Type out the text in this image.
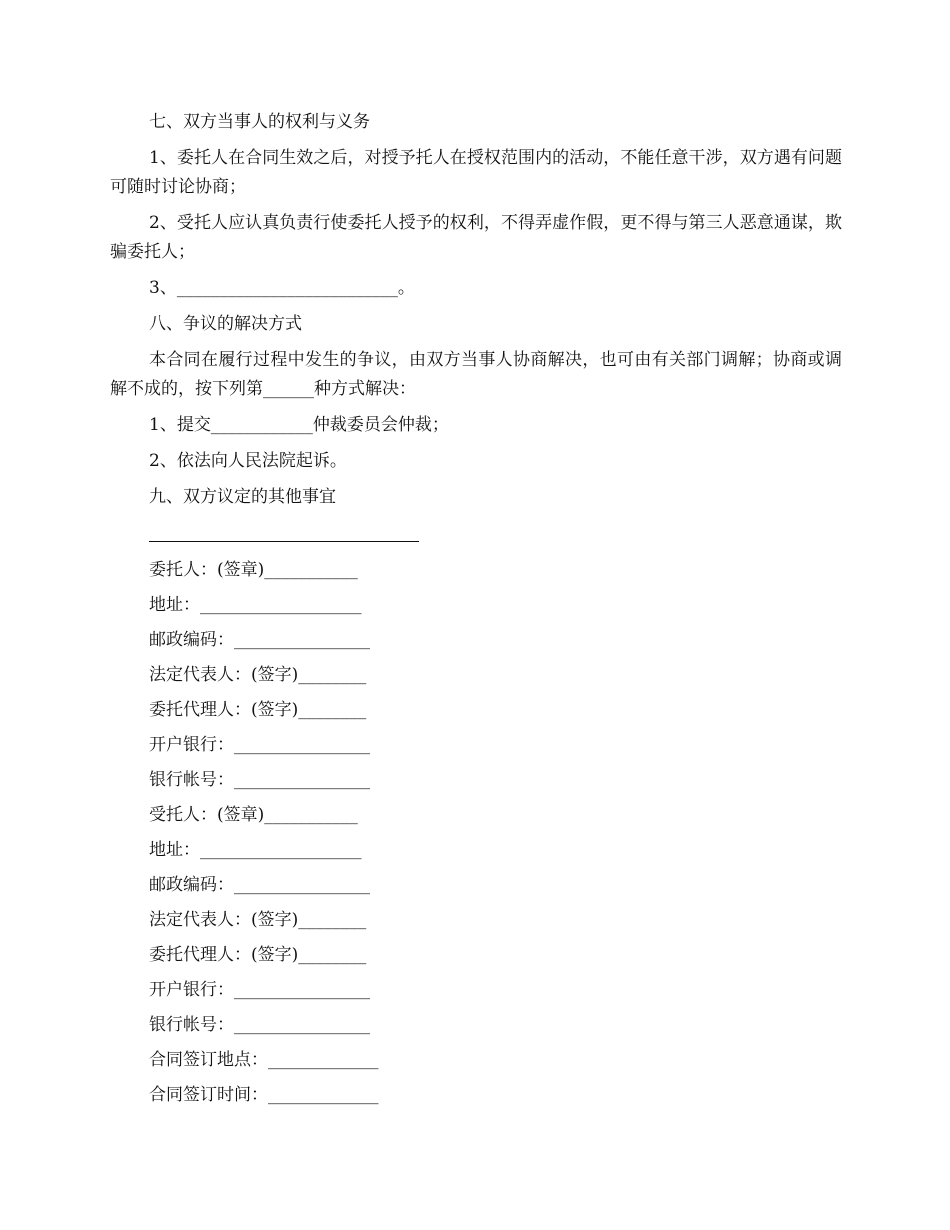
七、双方当事人的权利与义务

1、委托人在合同生效之后，对授予托人在授权范围内的活动，不能任意干涉，双方遇有问题可随时讨论协商；

2、受托人应认真负责行使委托人授予的权利，不得弄虚作假，更不得与第三人恶意通谋，欺骗委托人；

3、__________________________。

八、争议的解决方式

本合同在履行过程中发生的争议，由双方当事人协商解决，也可由有关部门调解；协商或调解不成的，按下列第______种方式解决：

1、提交____________仲裁委员会仲裁；

2、依法向人民法院起诉。

九、双方议定的其他事宜

委托人：(签章)___________
地址：___________________
邮政编码：________________
法定代表人：(签字)________
委托代理人：(签字)________
开户银行：________________
银行帐号：________________
受托人：(签章)___________
地址：___________________
邮政编码：________________
法定代表人：(签字)________
委托代理人：(签字)________
开户银行：________________
银行帐号：________________
合同签订地点：_____________
合同签订时间：_____________
